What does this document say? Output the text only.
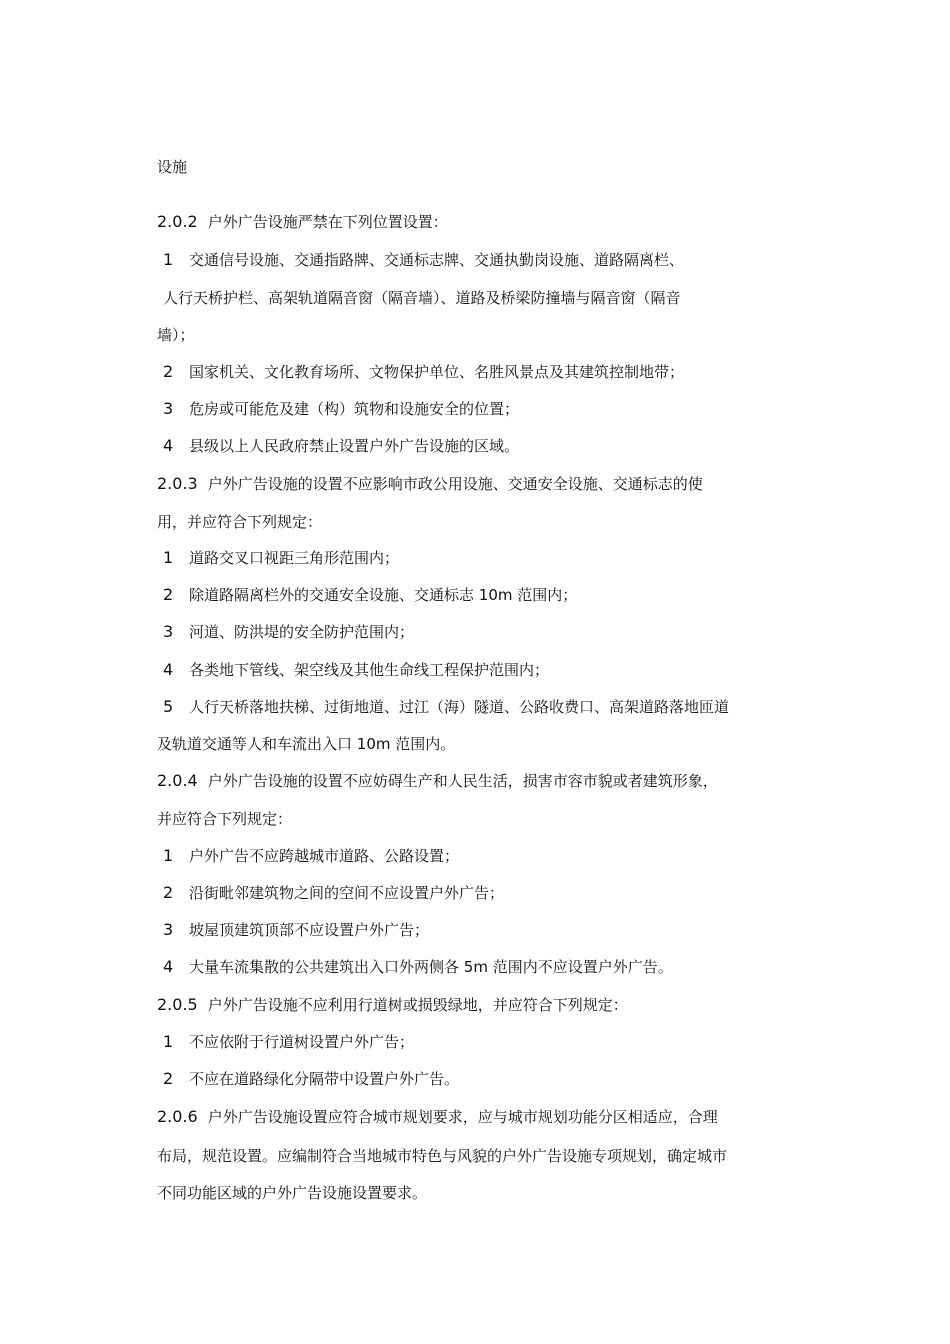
设施
2.0.2 户外广告设施严禁在下列位置设置：
1 交通信号设施、交通指路牌、交通标志牌、交通执勤岗设施、道路隔离栏、
人行天桥护栏、高架轨道隔音窗（隔音墙）、道路及桥梁防撞墙与隔音窗（隔音
墙）；
2 国家机关、文化教育场所、文物保护单位、名胜风景点及其建筑控制地带；
3 危房或可能危及建（构）筑物和设施安全的位置；
4 县级以上人民政府禁止设置户外广告设施的区域。
2.0.3 户外广告设施的设置不应影响市政公用设施、交通安全设施、交通标志的使
用，并应符合下列规定：
1 道路交叉口视距三角形范围内；
2 除道路隔离栏外的交通安全设施、交通标志 10m 范围内；
3 河道、防洪堤的安全防护范围内；
4 各类地下管线、架空线及其他生命线工程保护范围内；
5 人行天桥落地扶梯、过街地道、过江（海）隧道、公路收费口、高架道路落地匝道
及轨道交通等人和车流出入口 10m 范围内。
2.0.4 户外广告设施的设置不应妨碍生产和人民生活，损害市容市貌或者建筑形象，
并应符合下列规定：
1 户外广告不应跨越城市道路、公路设置；
2 沿街毗邻建筑物之间的空间不应设置户外广告；
3 坡屋顶建筑顶部不应设置户外广告；
4 大量车流集散的公共建筑出入口外两侧各 5m 范围内不应设置户外广告。
2.0.5 户外广告设施不应利用行道树或损毁绿地，并应符合下列规定：
1 不应依附于行道树设置户外广告；
2 不应在道路绿化分隔带中设置户外广告。
2.0.6 户外广告设施设置应符合城市规划要求，应与城市规划功能分区相适应，合理
布局，规范设置。应编制符合当地城市特色与风貌的户外广告设施专项规划，确定城市
不同功能区域的户外广告设施设置要求。
